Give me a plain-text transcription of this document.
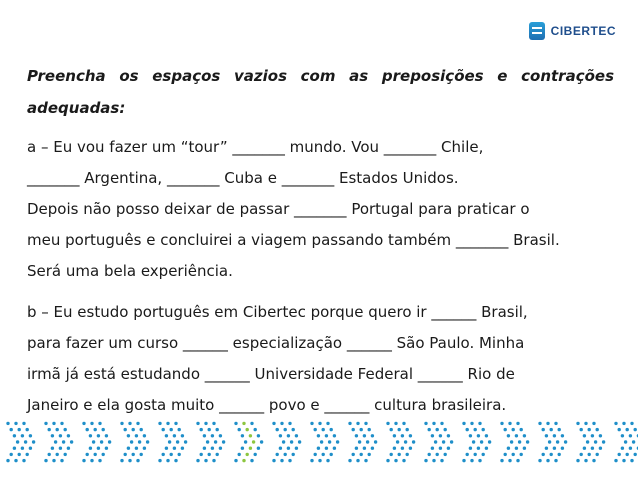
CIBERTEC

Preencha os espaços vazios com as preposições e contrações adequadas:

a – Eu vou fazer um “tour” _______ mundo. Vou _______ Chile,
_______ Argentina, _______ Cuba e _______ Estados Unidos.
Depois não posso deixar de passar _______ Portugal para praticar o
meu português e concluirei a viagem passando também _______ Brasil.
Será uma bela experiência.

b – Eu estudo português em Cibertec porque quero ir ______ Brasil,
para fazer um curso ______ especialização ______ São Paulo. Minha
irmã já está estudando ______ Universidade Federal ______ Rio de
Janeiro e ela gosta muito ______ povo e ______ cultura brasileira.
